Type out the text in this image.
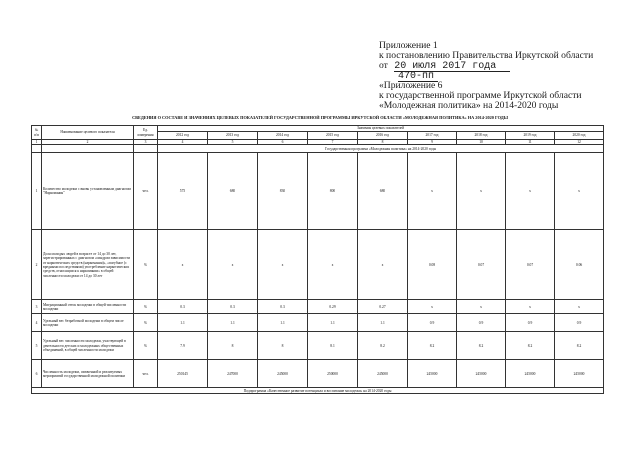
Приложение 1
к постановлению Правительства Иркутской области
от 20 июля 2017 года
470-пп
«Приложение 6
к государственной программе Иркутской области
«Молодежная политика» на 2014-2020 годы
СВЕДЕНИЯ О СОСТАВЕ И ЗНАЧЕНИЯХ ЦЕЛЕВЫХ ПОКАЗАТЕЛЕЙ ГОСУДАРСТВЕННОЙ ПРОГРАММЫ ИРКУТСКОЙ ОБЛАСТИ «МОЛОДЕЖНАЯ ПОЛИТИКА» НА 2014-2020 ГОДЫ
№ п/п	Наименование целевого показателя	Ед. измерения	Значения целевых показателей								
			2012 год	2013 год	2014 год	2015 год	2016 год	2017 год	2018 год	2019 год	2020 год
1	2	3	4	5	6	7	8	9	10	11	12
			Государственная программа «Молодежная политика» на 2014-2020 годы								
1	Количество молодежи с вновь установленным диагнозом "Наркомания"	чел.	575	680	830	800	680	x	x	x	x
2	Доля молодых людей в возрасте от 14 до 30 лет, зарегистрированных с диагнозом «синдром зависимости от наркотических средств (наркомания)», «пагубное (с вредными последствиями) употребление наркотических средств, относящихся к наркомании» в общей численности молодежи от 14 до 30 лет	%	x	x	x	x	x	0.08	0.07	0.07	0.06
3	Миграционный отток молодежи в общей численности молодежи	%	0.3	0.3	0.3	0.29	0.27	x	x	x	x
4	Удельный вес безработной молодежи в общем числе молодежи	%	1.1	1.1	1.1	1.1	1.1	0.9	0.9	0.9	0.9
5	Удельный вес численности молодежи, участвующей в деятельности детских и молодежных общественных объединений, в общей численности молодежи	%	7.9	8	8	8.1	8.2	8.2	8.2	8.2	8.2
6	Численность молодежи, охваченной и реализуемых мероприятий государственной молодежной политики	чел.	250145	247000	245000	250000	245000	245000	245000	245000	245000
Подпрограмма «Качественное развитие потенциала и воспитание молодежи» на 2014-2020 годы											
